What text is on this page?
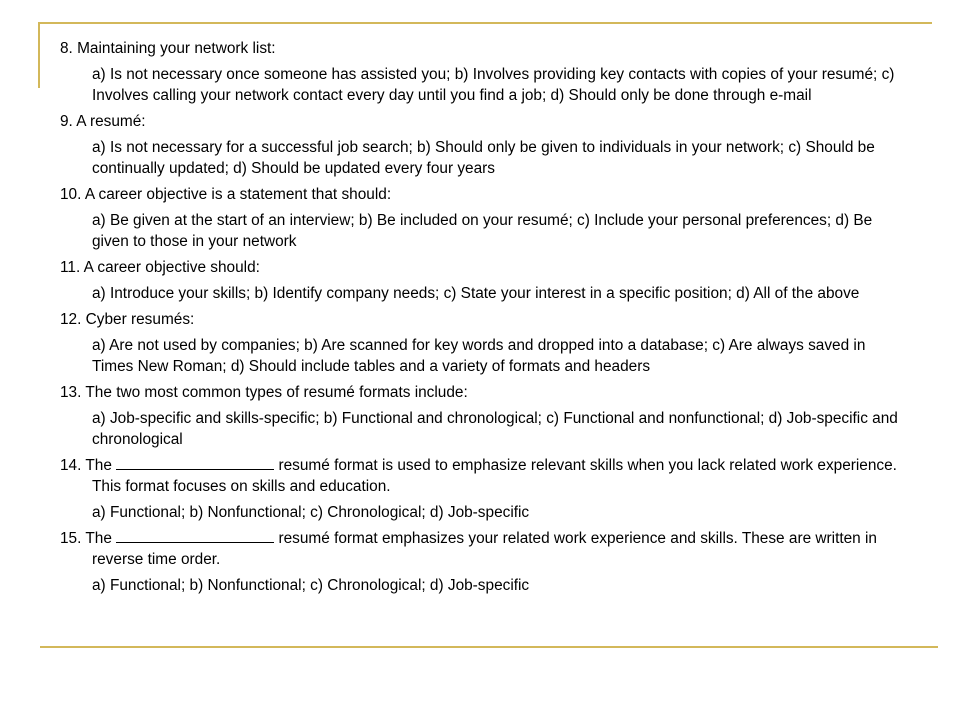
8. Maintaining your network list:

a) Is not necessary once someone has assisted you; b) Involves providing key contacts with copies of your resumé; c) Involves calling your network contact every day until you find a job; d) Should only be done through e-mail

9. A resumé:

a) Is not necessary for a successful job search; b) Should only be given to individuals in your network; c) Should be continually updated; d) Should be updated every four years

10. A career objective is a statement that should:

a) Be given at the start of an interview; b) Be included on your resumé; c) Include your personal preferences; d) Be given to those in your network

11. A career objective should:

a) Introduce your skills; b) Identify company needs; c) State your interest in a specific position; d) All of the above

12. Cyber resumés:

a) Are not used by companies; b) Are scanned for key words and dropped into a database; c) Are always saved in Times New Roman; d) Should include tables and a variety of formats and headers

13. The two most common types of resumé formats include:

a) Job-specific and skills-specific; b) Functional and chronological; c) Functional and nonfunctional; d) Job-specific and chronological

14. The	resumé format is used to emphasize relevant skills when you lack related work experience. This format focuses on skills and education.

a) Functional; b) Nonfunctional; c) Chronological; d) Job-specific

15. The	resumé format emphasizes your related work experience and skills. These are written in reverse time order.

a) Functional; b) Nonfunctional; c) Chronological; d) Job-specific
